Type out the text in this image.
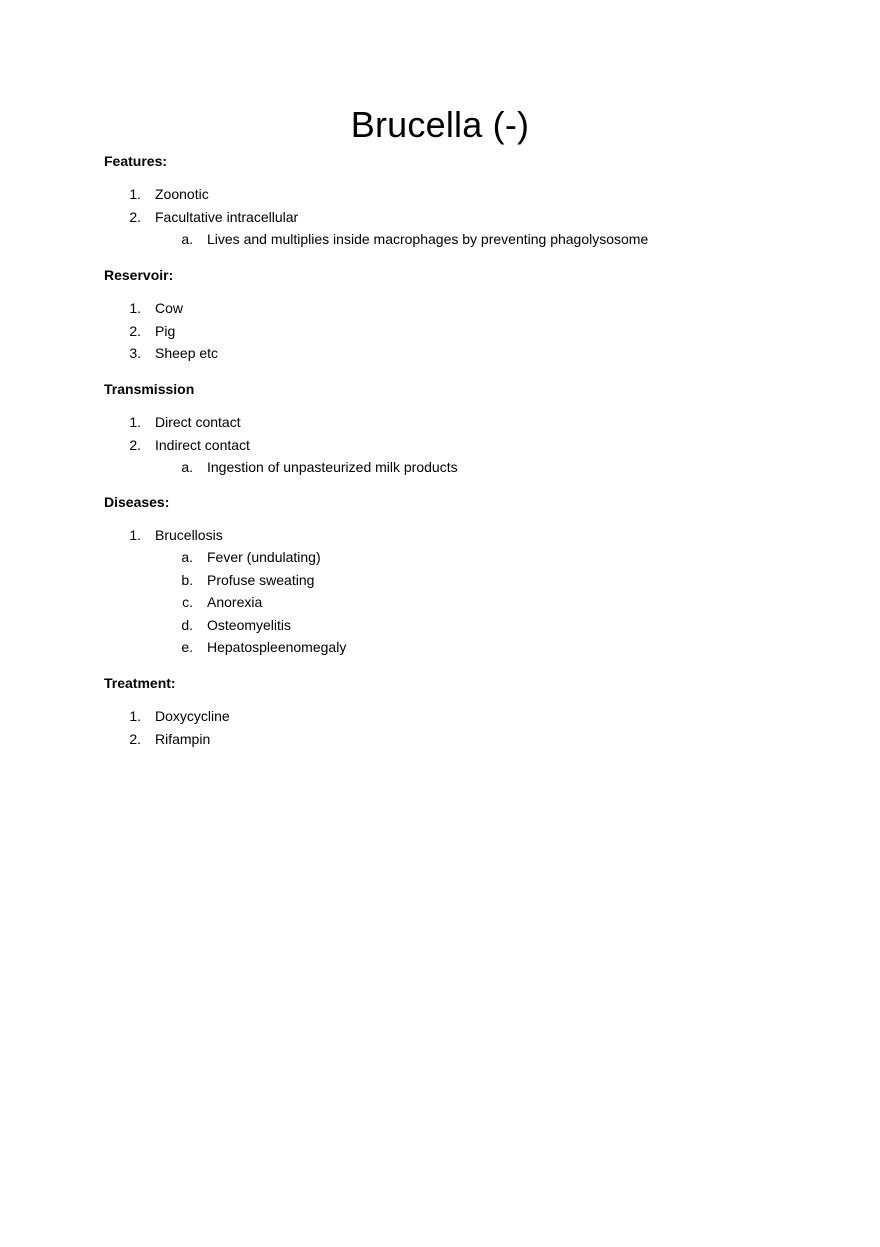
Brucella (-)
Features:
1. Zoonotic
2. Facultative intracellular
a. Lives and multiplies inside macrophages by preventing phagolysosome
Reservoir:
1. Cow
2. Pig
3. Sheep etc
Transmission
1. Direct contact
2. Indirect contact
a. Ingestion of unpasteurized milk products
Diseases:
1. Brucellosis
a. Fever (undulating)
b. Profuse sweating
c. Anorexia
d. Osteomyelitis
e. Hepatospleenomegaly
Treatment:
1. Doxycycline
2. Rifampin
